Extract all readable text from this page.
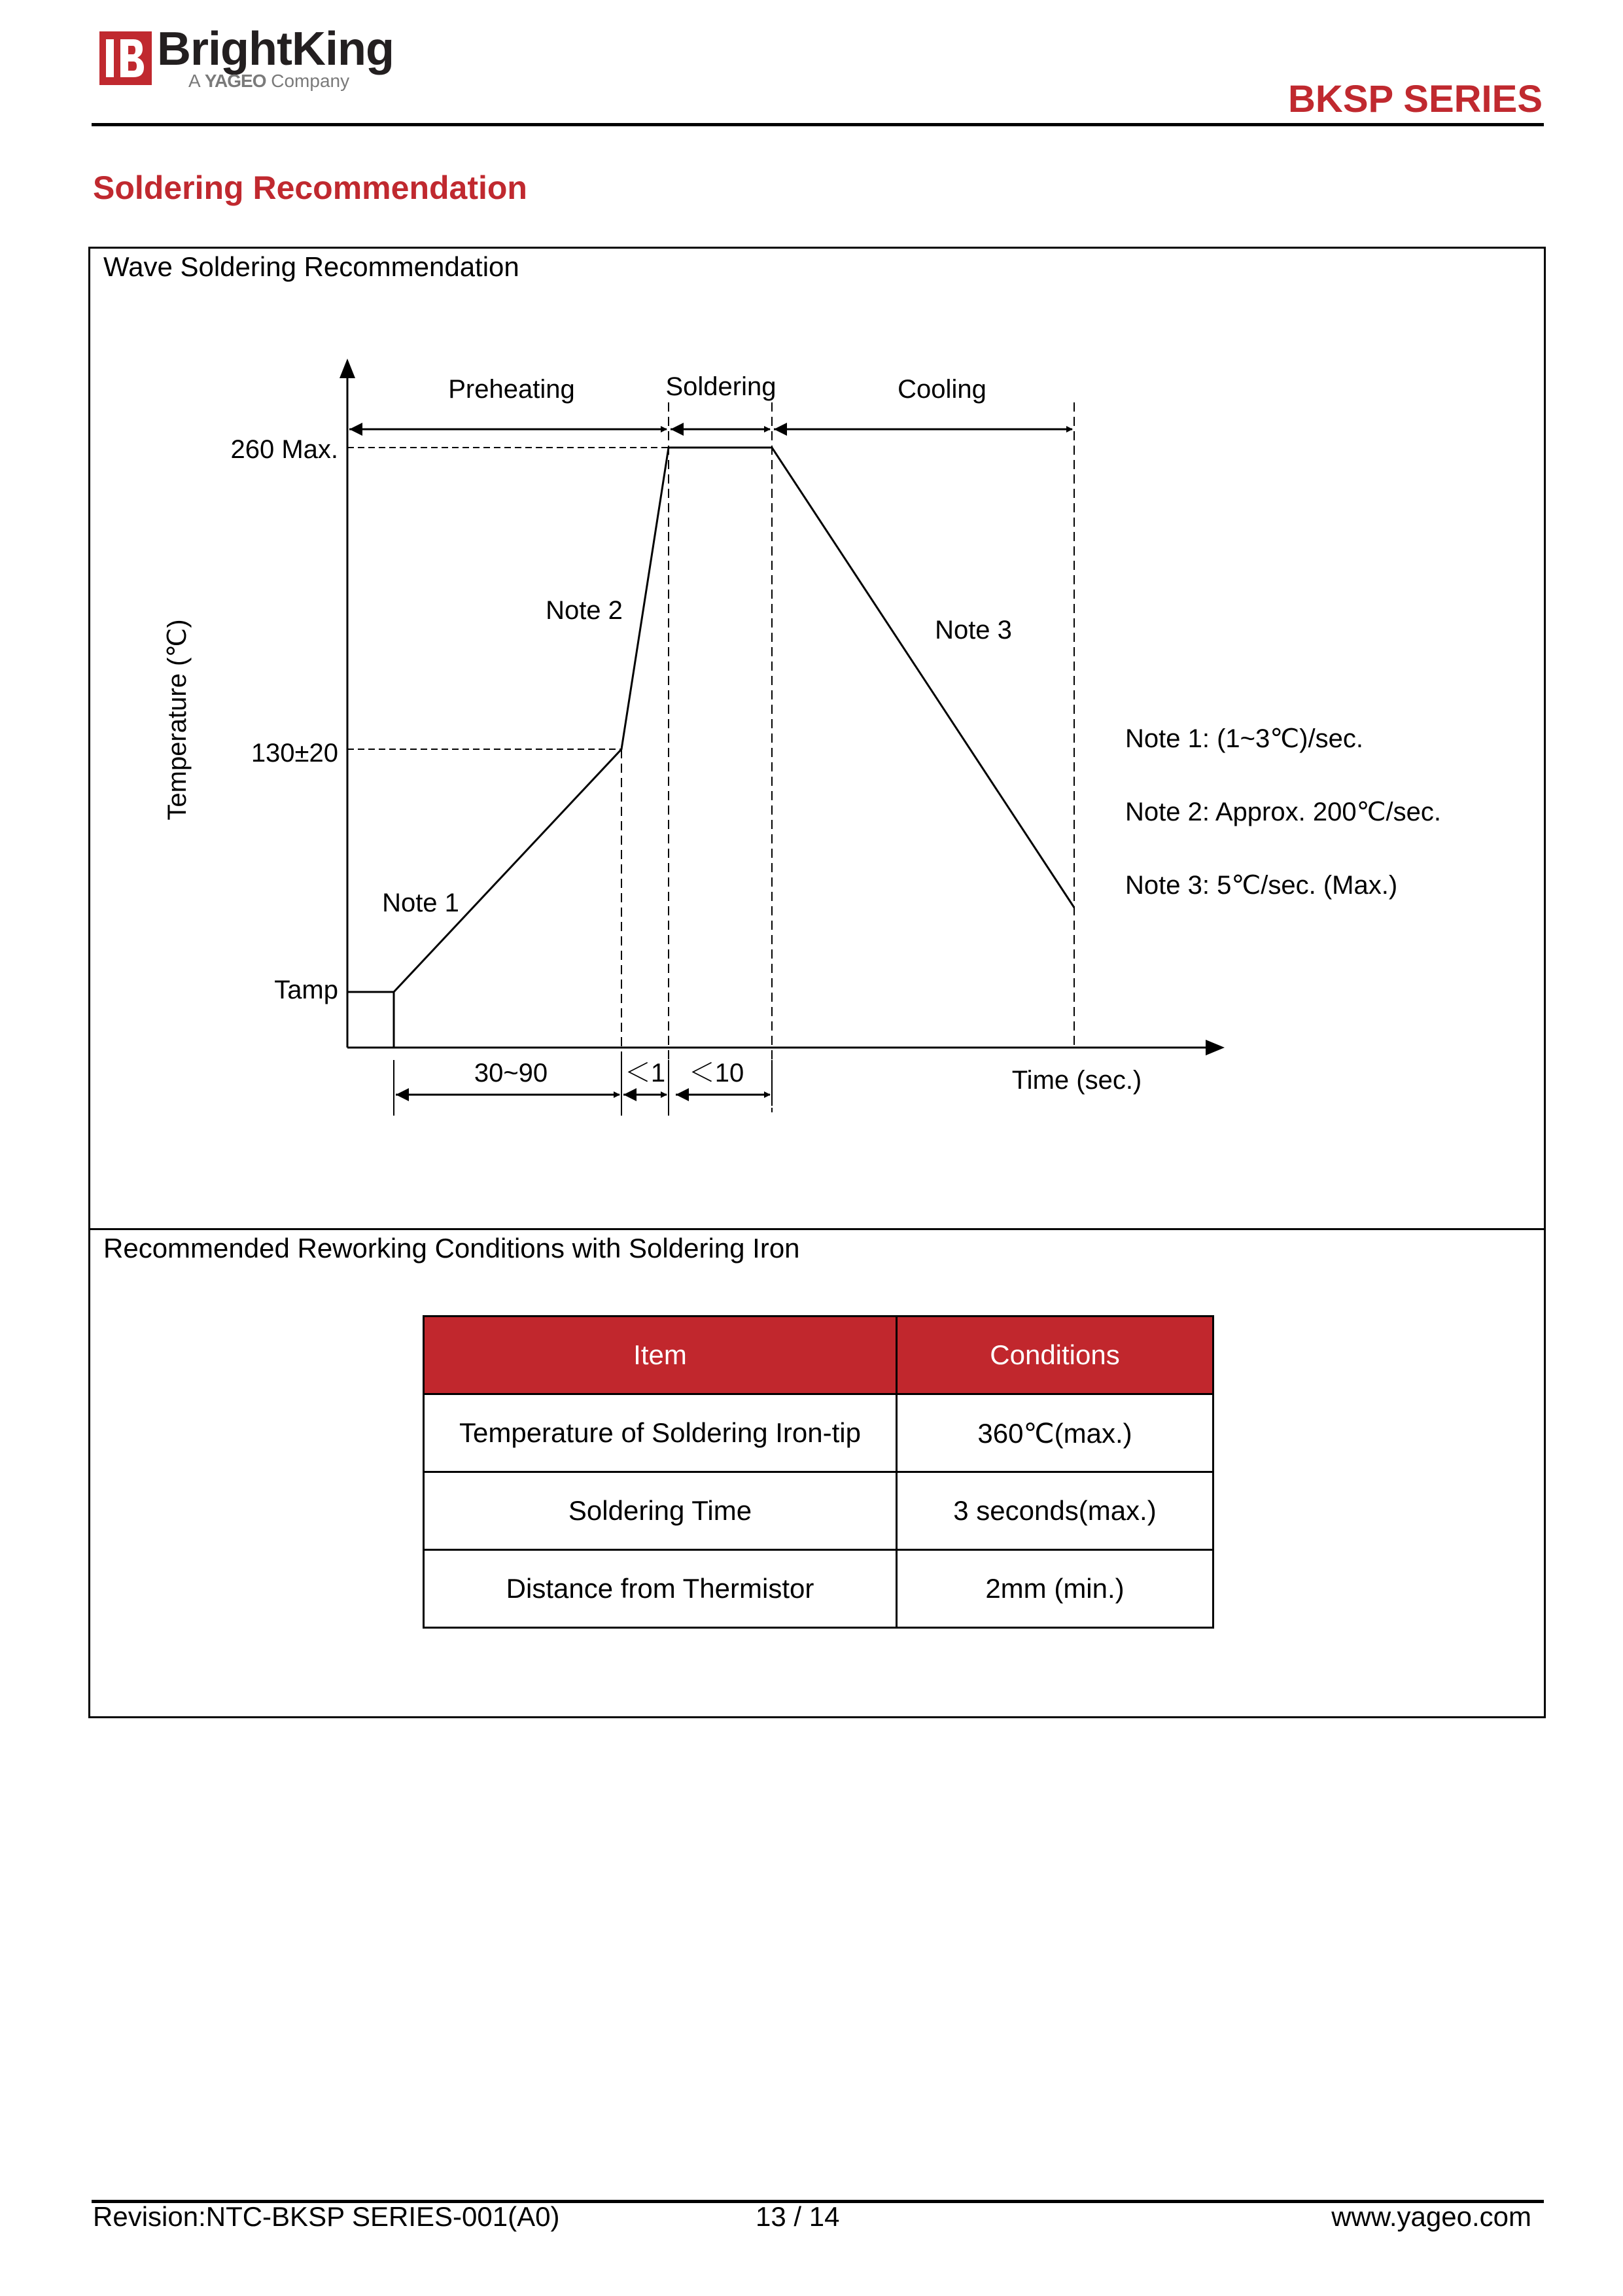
BrightKing
A YAGEO Company	BKSP SERIES
Soldering Recommendation
Wave Soldering Recommendation
Preheating	Soldering	Cooling
260 Max.
130±20
Tamp
Temperature (℃)
Time (sec.)
Note 1
Note 2
Note 3
30~90	＜1 ＜10
Note 1: (1~3℃)/sec.
Note 2: Approx. 200℃/sec.
Note 3: 5℃/sec. (Max.)
Recommended Reworking Conditions with Soldering Iron
Item	Conditions
Temperature of Soldering Iron-tip	360℃(max.)
Soldering Time	3 seconds(max.)
Distance from Thermistor	2mm (min.)
Revision:NTC-BKSP SERIES-001(A0)	13 / 14	www.yageo.com
